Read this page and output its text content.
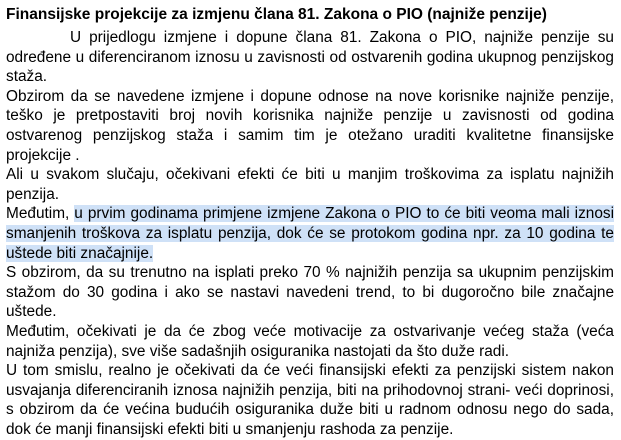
Finansijske projekcije za izmjenu člana 81. Zakona o PIO (najniže penzije)

U prijedlogu izmjene i dopune člana 81. Zakona o PIO, najniže penzije su određene u diferenciranom iznosu u zavisnosti od ostvarenih godina ukupnog penzijskog staža.

Obzirom da se navedene izmjene i dopune odnose na nove korisnike najniže penzije, teško je pretpostaviti broj novih korisnika najniže penzije u zavisnosti od godina ostvarenog penzijskog staža i samim tim je otežano uraditi kvalitetne finansijske projekcije .

Ali u svakom slučaju, očekivani efekti će biti u manjim troškovima za isplatu najnižih penzija.

Međutim, u prvim godinama primjene izmjene Zakona o PIO to će biti veoma mali iznosi smanjenih troškova za isplatu penzija, dok će se protokom godina npr. za 10 godina te uštede biti značajnije.

S obzirom, da su trenutno na isplati preko 70 % najnižih penzija sa ukupnim penzijskim stažom do 30 godina i ako se nastavi navedeni trend, to bi dugoročno bile značajne uštede.

Međutim, očekivati je da će zbog veće motivacije za ostvarivanje većeg staža (veća najniža penzija), sve više sadašnjih osiguranika nastojati da što duže radi.

U tom smislu, realno je očekivati da će veći finansijski efekti za penzijski sistem nakon usvajanja diferenciranih iznosa najnižih penzija, biti na prihodovnoj strani- veći doprinosi, s obzirom da će većina budućih osiguranika duže biti u radnom odnosu nego do sada, dok će manji finansijski efekti biti u smanjenju rashoda za penzije.
